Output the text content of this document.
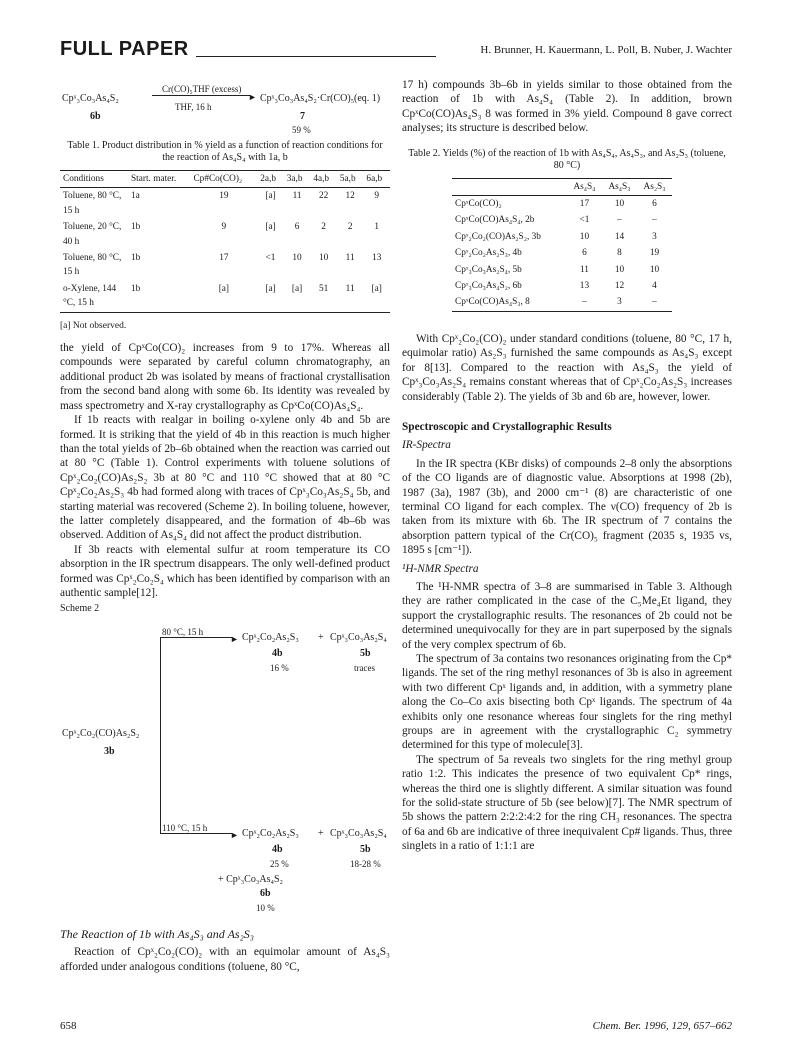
FULL PAPER	H. Brunner, H. Kauermann, L. Poll, B. Nuber, J. Wachter
Cpˣ₃Co₃As₄S₂
Cr(CO)₅THF (excess)
►
THF, 16 h
Cpˣ₃Co₃As₄S₂·Cr(CO)₅ (eq. 1)
6b	7
59 %
Table 1. Product distribution in % yield as a function of reaction conditions for the reaction of As₄S₄ with 1a, b
Conditions	Start. mater.	Cp#Co(CO)₂	2a,b	3a,b	4a,b	5a,b	6a,b
Toluene, 80 °C, 15 h	1a	19	[a]	11	22	12	9
Toluene, 20 °C, 40 h	1b	9	[a]	6	2	2	1
Toluene, 80 °C, 15 h	1b	17	<1	10	10	11	13
o-Xylene, 144 °C, 15 h	1b	[a]	[a]	[a]	51	11	[a]

[a] Not observed.

the yield of CpˣCo(CO)₂ increases from 9 to 17%. Whereas all compounds were separated by careful column chromatography, an additional product 2b was isolated by means of fractional crystallisation from the second band along with some 6b. Its identity was revealed by mass spectrometry and X-ray crystallography as CpˣCo(CO)As₄S₄.

If 1b reacts with realgar in boiling o-xylene only 4b and 5b are formed. It is striking that the yield of 4b in this reaction is much higher than the total yields of 2b–6b obtained when the reaction was carried out at 80 °C (Table 1). Control experiments with toluene solutions of Cpˣ₂Co₂(CO)As₂S₂ 3b at 80 °C and 110 °C showed that at 80 °C Cpˣ₂Co₂As₂S₃ 4b had formed along with traces of Cpˣ₃Co₃As₂S₄ 5b, and starting material was recovered (Scheme 2). In boiling toluene, however, the latter completely disappeared, and the formation of 4b–6b was observed. Addition of As₄S₄ did not affect the product distribution.

If 3b reacts with elemental sulfur at room temperature its CO absorption in the IR spectrum disappears. The only well-defined product formed was Cpˣ₂Co₂S₄ which has been identified by comparison with an authentic sample[12].

Scheme 2

Cpˣ₂Co₂(CO)As₂S₂
3b
►
80 °C, 15 h	Cpˣ₂Co₂As₂S₃ + Cpˣ₃Co₃As₂S₄
4b	5b
16 %	traces
►
110 °C, 15 h	Cpˣ₂Co₂As₂S₃ + Cpˣ₃Co₃As₂S₄
4b	5b
25 %	18-28 %
+ Cpˣ₃Co₃As₄S₂
6b
10 %

The Reaction of 1b with As₄S₃ and As₂S₃

Reaction of Cpˣ₂Co₂(CO)₂ with an equimolar amount of As₄S₃ afforded under analogous conditions (toluene, 80 °C,

17 h) compounds 3b–6b in yields similar to those obtained from the reaction of 1b with As₄S₄ (Table 2). In addition, brown CpˣCo(CO)As₄S₃ 8 was formed in 3% yield. Compound 8 gave correct analyses; its structure is described below.

Table 2. Yields (%) of the reaction of 1b with As₄S₄, As₄S₃, and As₂S₃ (toluene, 80 °C)
	As₄S₄	As₄S₃	As₂S₃
CpˣCo(CO)₂	17	10	6
CpˣCo(CO)As₄S₄, 2b	<1	–	–
Cpˣ₂Co₂(CO)As₂S₂, 3b	10	14	3
Cpˣ₂Co₂As₂S₃, 4b	6	8	19
Cpˣ₃Co₃As₂S₄, 5b	11	10	10
Cpˣ₃Co₃As₄S₂, 6b	13	12	4
CpˣCo(CO)As₄S₃, 8	–	3	–

With Cpˣ₂Co₂(CO)₂ under standard conditions (toluene, 80 °C, 17 h, equimolar ratio) As₂S₃ furnished the same compounds as As₄S₃ except for 8[13]. Compared to the reaction with As₄S₃ the yield of Cpˣ₃Co₃As₂S₄ remains constant whereas that of Cpˣ₂Co₂As₂S₃ increases considerably (Table 2). The yields of 3b and 6b are, however, lower.

Spectroscopic and Crystallographic Results

IR-Spectra

In the IR spectra (KBr disks) of compounds 2–8 only the absorptions of the CO ligands are of diagnostic value. Absorptions at 1998 (2b), 1987 (3a), 1987 (3b), and 2000 cm⁻¹ (8) are characteristic of one terminal CO ligand for each complex. The ν(CO) frequency of 2b is taken from its mixture with 6b. The IR spectrum of 7 contains the absorption pattern typical of the Cr(CO)₅ fragment (2035 s, 1935 vs, 1895 s [cm⁻¹]).

¹H-NMR Spectra

The ¹H-NMR spectra of 3–8 are summarised in Table 3. Although they are rather complicated in the case of the C₅Me₄Et ligand, they support the crystallographic results. The resonances of 2b could not be determined unequivocally for they are in part superposed by the signals of the very complex spectrum of 6b.

The spectrum of 3a contains two resonances originating from the Cp* ligands. The set of the ring methyl resonances of 3b is also in agreement with two different Cpˣ ligands and, in addition, with a symmetry plane along the Co–Co axis bisecting both Cpˣ ligands. The spectrum of 4a exhibits only one resonance whereas four singlets for the ring methyl groups are in agreement with the crystallographic C₂ symmetry determined for this type of molecule[3].

The spectrum of 5a reveals two singlets for the ring methyl group ratio 1:2. This indicates the presence of two equivalent Cp* rings, whereas the third one is slightly different. A similar situation was found for the solid-state structure of 5b (see below)[7]. The NMR spectrum of 5b shows the pattern 2:2:2:4:2 for the ring CH₃ resonances. The spectra of 6a and 6b are indicative of three inequivalent Cp# ligands. Thus, three singlets in a ratio of 1:1:1 are

658	Chem. Ber. 1996, 129, 657–662
